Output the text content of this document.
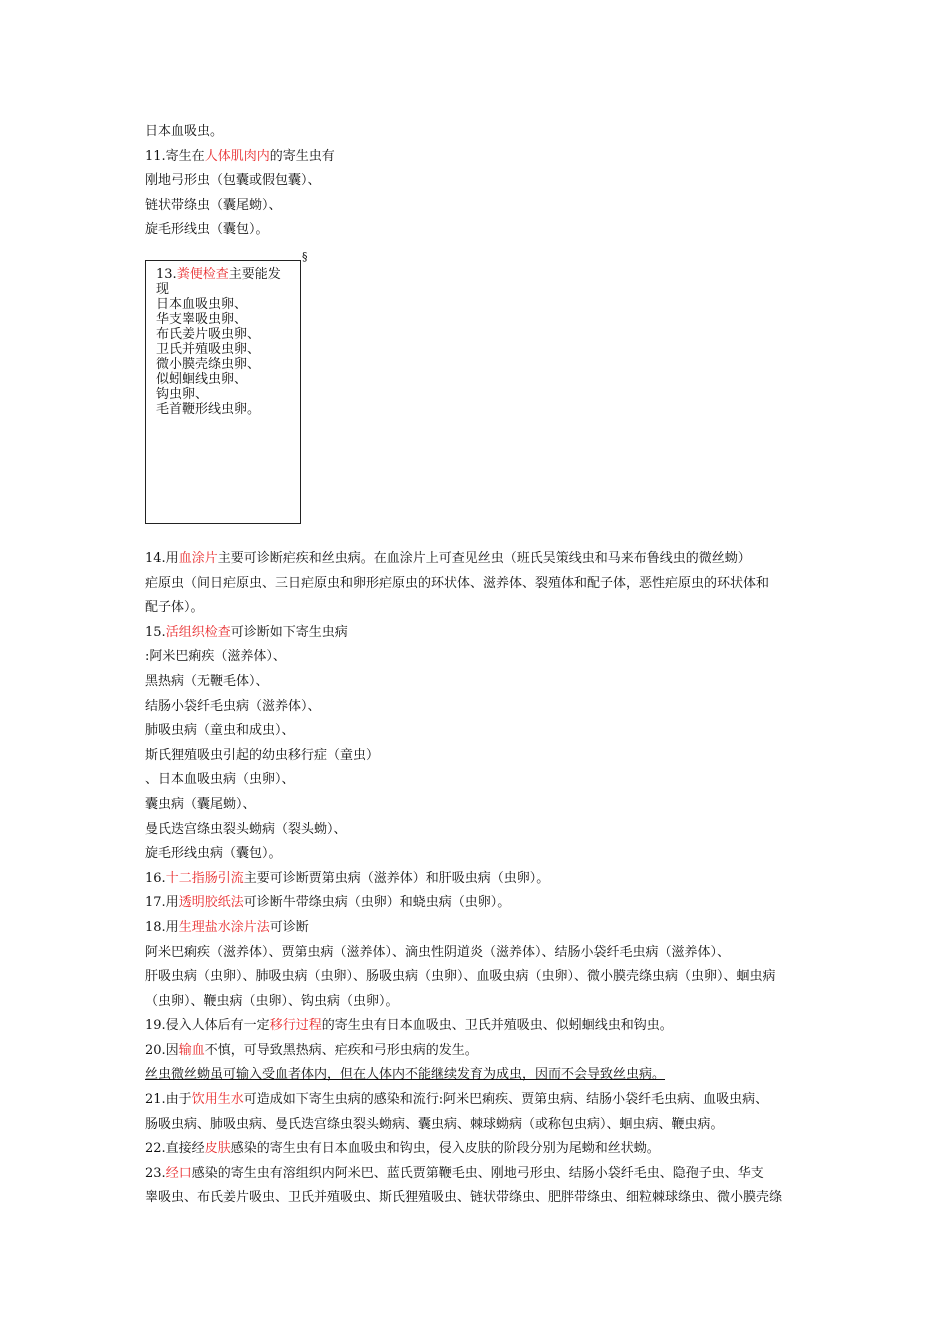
日本血吸虫。
11.寄生在人体肌肉内的寄生虫有
刚地弓形虫（包囊或假包囊）、
链状带绦虫（囊尾蚴）、
旋毛形线虫（囊包）。
§
13.粪便检查主要能发
现
日本血吸虫卵、
华支睾吸虫卵、
布氏姜片吸虫卵、
卫氏并殖吸虫卵、
微小膜壳绦虫卵、
似蚓蛔线虫卵、
钩虫卵、
毛首鞭形线虫卵。
14.用血涂片主要可诊断疟疾和丝虫病。在血涂片上可查见丝虫（班氏吴策线虫和马来布鲁线虫的微丝蚴）
疟原虫（间日疟原虫、三日疟原虫和卵形疟原虫的环状体、滋养体、裂殖体和配子体，恶性疟原虫的环状体和
配子体）。
15.活组织检查可诊断如下寄生虫病
:阿米巴痢疾（滋养体）、
黑热病（无鞭毛体）、
结肠小袋纤毛虫病（滋养体）、
肺吸虫病（童虫和成虫）、
斯氏狸殖吸虫引起的幼虫移行症（童虫）
、日本血吸虫病（虫卵）、
囊虫病（囊尾蚴）、
曼氏迭宫绦虫裂头蚴病（裂头蚴）、
旋毛形线虫病（囊包）。
16.十二指肠引流主要可诊断贾第虫病（滋养体）和肝吸虫病（虫卵）。
17.用透明胶纸法可诊断牛带绦虫病（虫卵）和蛲虫病（虫卵）。
18.用生理盐水涂片法可诊断
阿米巴痢疾（滋养体）、贾第虫病（滋养体）、滴虫性阴道炎（滋养体）、结肠小袋纤毛虫病（滋养体）、
肝吸虫病（虫卵）、肺吸虫病（虫卵）、肠吸虫病（虫卵）、血吸虫病（虫卵）、微小膜壳绦虫病（虫卵）、蛔虫病
（虫卵）、鞭虫病（虫卵）、钩虫病（虫卵）。
19.侵入人体后有一定移行过程的寄生虫有日本血吸虫、卫氏并殖吸虫、似蚓蛔线虫和钩虫。
20.因输血不慎，可导致黑热病、疟疾和弓形虫病的发生。
丝虫微丝蚴虽可输入受血者体内，但在人体内不能继续发育为成虫，因而不会导致丝虫病。
21.由于饮用生水可造成如下寄生虫病的感染和流行:阿米巴痢疾、贾第虫病、结肠小袋纤毛虫病、血吸虫病、
肠吸虫病、肺吸虫病、曼氏迭宫绦虫裂头蚴病、囊虫病、棘球蚴病（或称包虫病）、蛔虫病、鞭虫病。
22.直接经皮肤感染的寄生虫有日本血吸虫和钩虫，侵入皮肤的阶段分别为尾蚴和丝状蚴。
23.经口感染的寄生虫有溶组织内阿米巴、蓝氏贾第鞭毛虫、刚地弓形虫、结肠小袋纤毛虫、隐孢子虫、华支
睾吸虫、布氏姜片吸虫、卫氏并殖吸虫、斯氏狸殖吸虫、链状带绦虫、肥胖带绦虫、细粒棘球绦虫、微小膜壳绦
